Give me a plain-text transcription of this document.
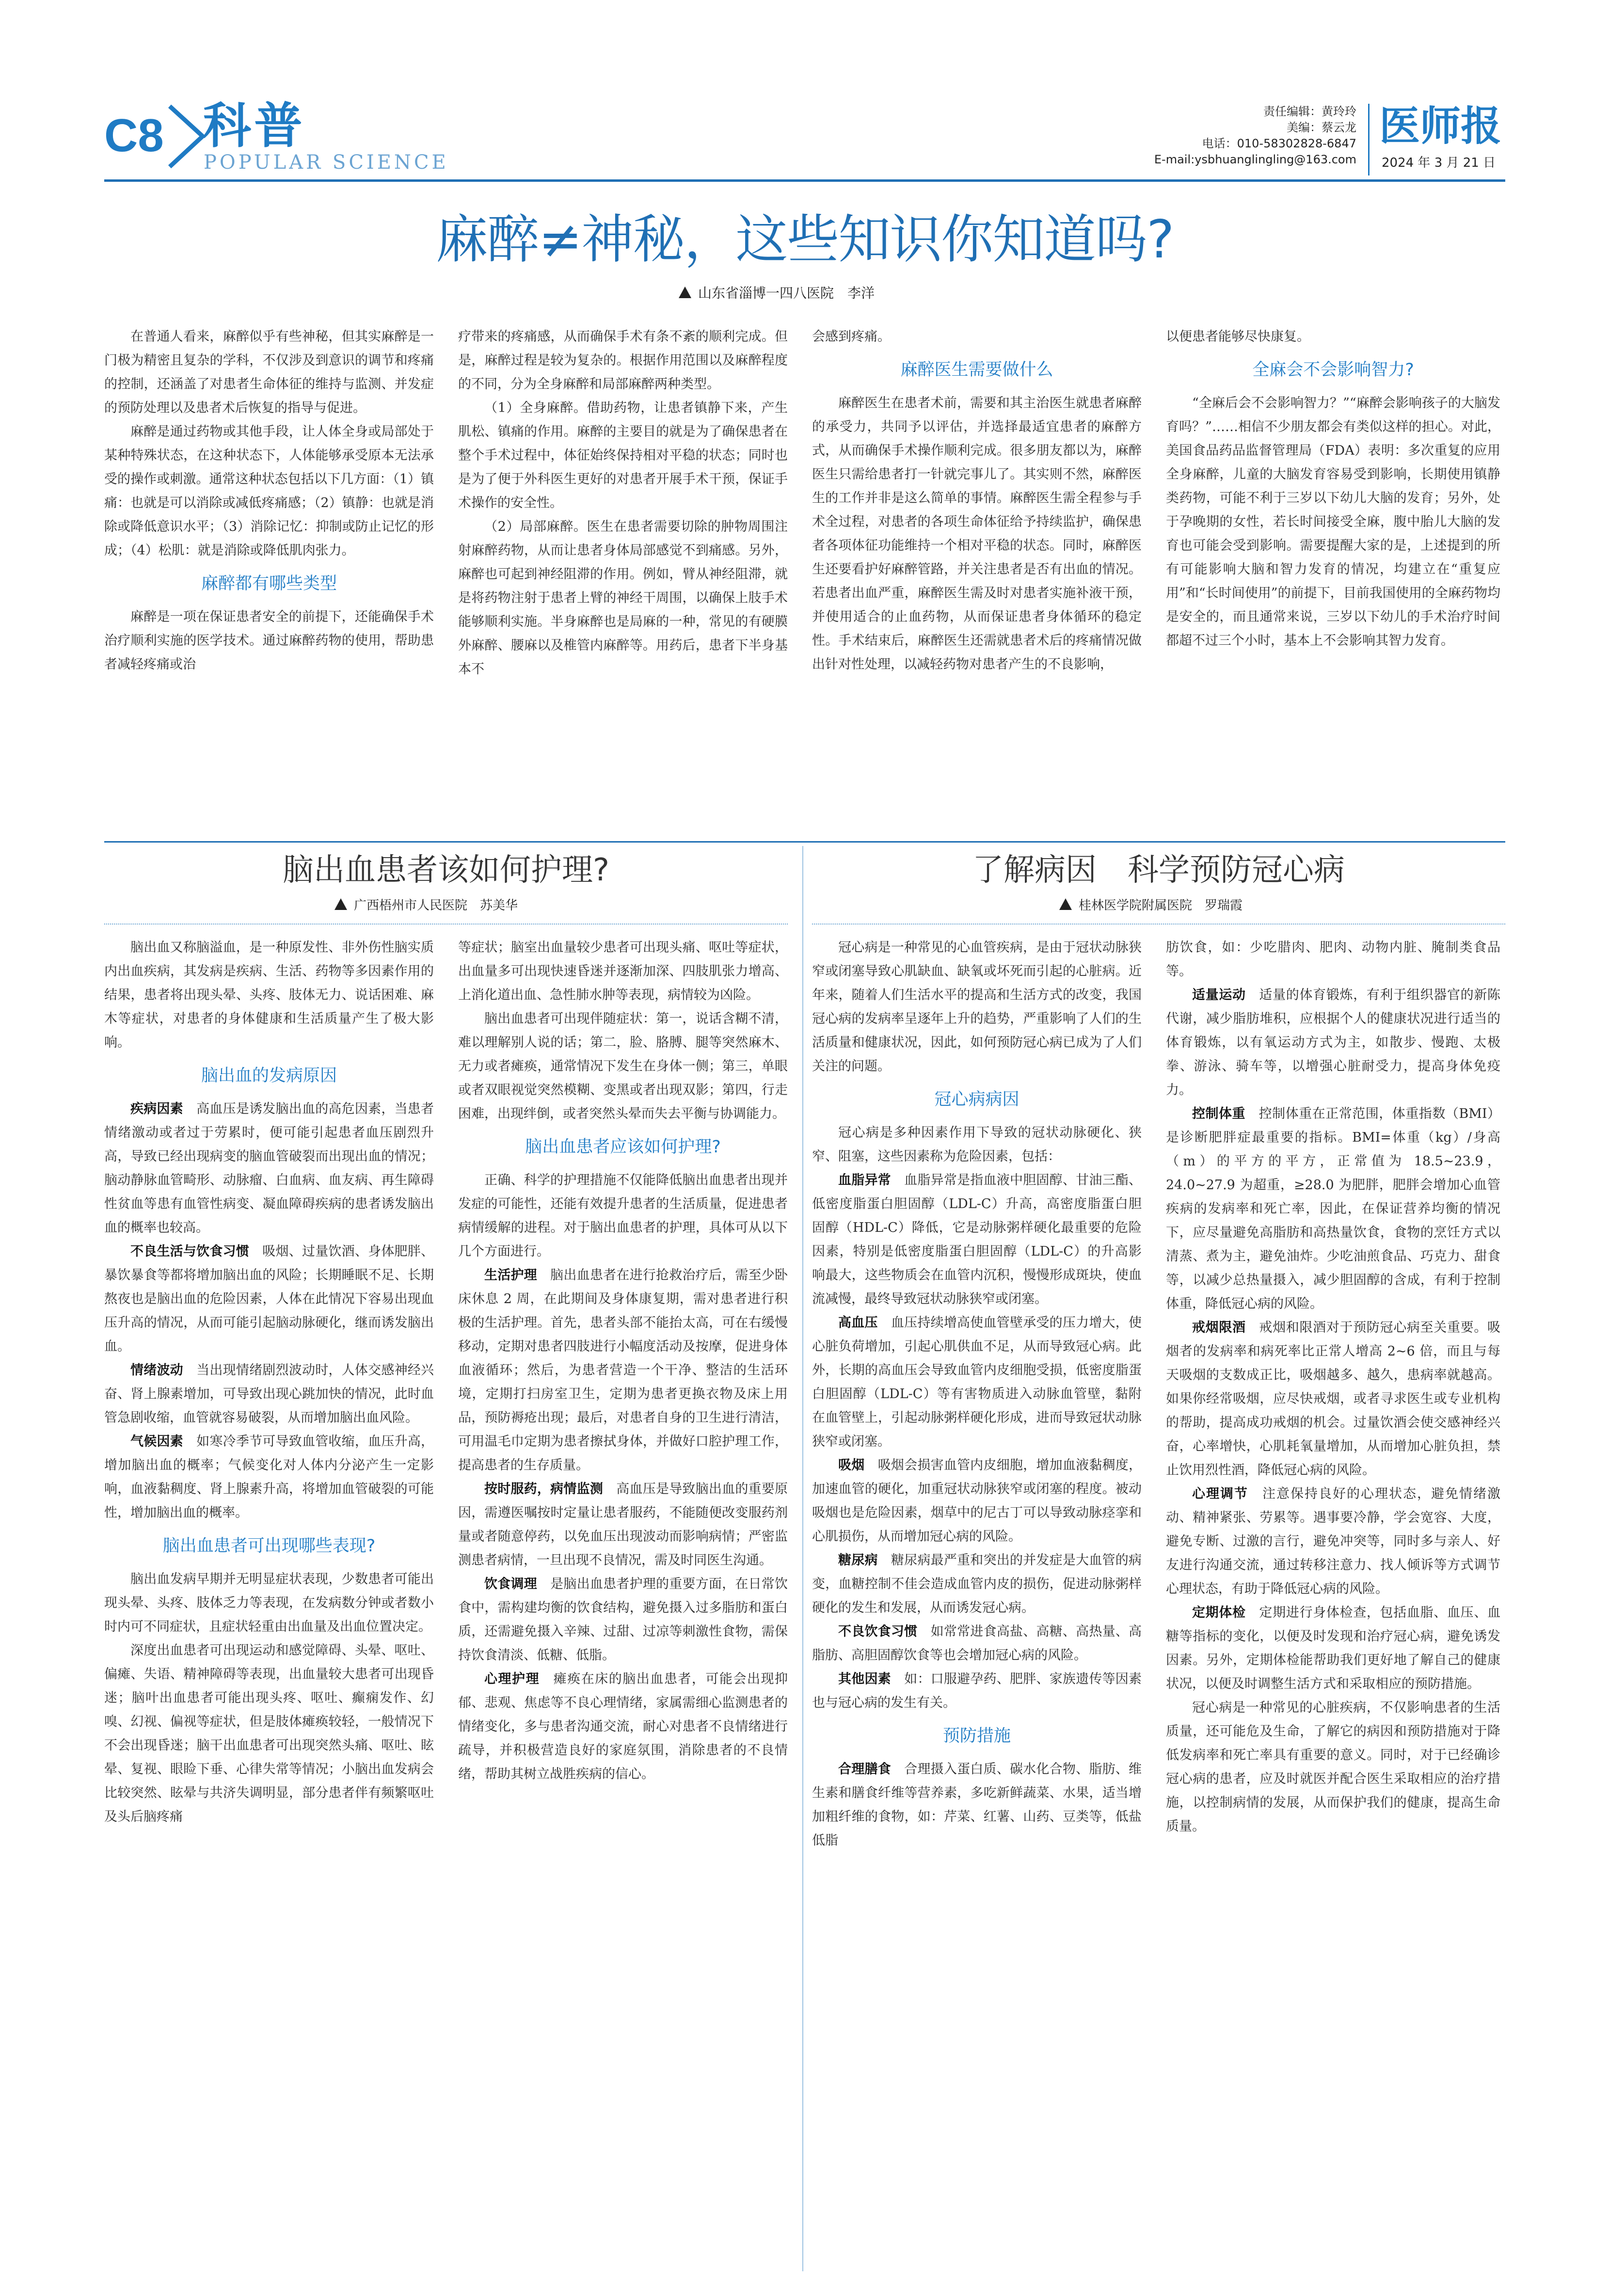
C8 科普
POPULAR SCIENCE
责任编辑：黄玲玲
美编：蔡云龙
电话：010-58302828-6847
E-mail:ysbhuanglingling@163.com
医师报
2024 年 3 月 21 日
麻醉≠神秘，这些知识你知道吗?
山东省淄博一四八医院　李洋

在普通人看来，麻醉似乎有些神秘，但其实麻醉是一门极为精密且复杂的学科，不仅涉及到意识的调节和疼痛的控制，还涵盖了对患者生命体征的维持与监测、并发症的预防处理以及患者术后恢复的指导与促进。

麻醉是通过药物或其他手段，让人体全身或局部处于某种特殊状态，在这种状态下，人体能够承受原本无法承受的操作或刺激。通常这种状态包括以下几方面：（1）镇痛：也就是可以消除或减低疼痛感；（2）镇静：也就是消除或降低意识水平；（3）消除记忆：抑制或防止记忆的形成；（4）松肌：就是消除或降低肌肉张力。

麻醉都有哪些类型

麻醉是一项在保证患者安全的前提下，还能确保手术治疗顺利实施的医学技术。通过麻醉药物的使用，帮助患者减轻疼痛或治

疗带来的疼痛感，从而确保手术有条不紊的顺利完成。但是，麻醉过程是较为复杂的。根据作用范围以及麻醉程度的不同，分为全身麻醉和局部麻醉两种类型。

（1）全身麻醉。借助药物，让患者镇静下来，产生肌松、镇痛的作用。麻醉的主要目的就是为了确保患者在整个手术过程中，体征始终保持相对平稳的状态；同时也是为了便于外科医生更好的对患者开展手术干预，保证手术操作的安全性。

（2）局部麻醉。医生在患者需要切除的肿物周围注射麻醉药物，从而让患者身体局部感觉不到痛感。另外，麻醉也可起到神经阻滞的作用。例如，臂从神经阻滞，就是将药物注射于患者上臂的神经干周围，以确保上肢手术能够顺利实施。半身麻醉也是局麻的一种，常见的有硬膜外麻醉、腰麻以及椎管内麻醉等。用药后，患者下半身基本不

会感到疼痛。

麻醉医生需要做什么

麻醉医生在患者术前，需要和其主治医生就患者麻醉的承受力，共同予以评估，并选择最适宜患者的麻醉方式，从而确保手术操作顺利完成。很多朋友都以为，麻醉医生只需给患者打一针就完事儿了。其实则不然，麻醉医生的工作并非是这么简单的事情。麻醉医生需全程参与手术全过程，对患者的各项生命体征给予持续监护，确保患者各项体征功能维持一个相对平稳的状态。同时，麻醉医生还要看护好麻醉管路，并关注患者是否有出血的情况。若患者出血严重，麻醉医生需及时对患者实施补液干预，并使用适合的止血药物，从而保证患者身体循环的稳定性。手术结束后，麻醉医生还需就患者术后的疼痛情况做出针对性处理，以减轻药物对患者产生的不良影响，

以便患者能够尽快康复。

全麻会不会影响智力?

“全麻后会不会影响智力？”“麻醉会影响孩子的大脑发育吗？”……相信不少朋友都会有类似这样的担心。对此，美国食品药品监督管理局（FDA）表明：多次重复的应用全身麻醉，儿童的大脑发育容易受到影响，长期使用镇静类药物，可能不利于三岁以下幼儿大脑的发育；另外，处于孕晚期的女性，若长时间接受全麻，腹中胎儿大脑的发育也可能会受到影响。需要提醒大家的是，上述提到的所有可能影响大脑和智力发育的情况，均建立在“重复应用”和“长时间使用”的前提下，目前我国使用的全麻药物均是安全的，而且通常来说，三岁以下幼儿的手术治疗时间都超不过三个小时，基本上不会影响其智力发育。

脑出血患者该如何护理?
广西梧州市人民医院　苏美华

脑出血又称脑溢血，是一种原发性、非外伤性脑实质内出血疾病，其发病是疾病、生活、药物等多因素作用的结果，患者将出现头晕、头疼、肢体无力、说话困难、麻木等症状，对患者的身体健康和生活质量产生了极大影响。

脑出血的发病原因

疾病因素　 高血压是诱发脑出血的高危因素，当患者情绪激动或者过于劳累时，便可能引起患者血压剧烈升高，导致已经出现病变的脑血管破裂而出现出血的情况；脑动静脉血管畸形、动脉瘤、白血病、血友病、再生障碍性贫血等患有血管性病变、凝血障碍疾病的患者诱发脑出血的概率也较高。

不良生活与饮食习惯　 吸烟、过量饮酒、身体肥胖、暴饮暴食等都将增加脑出血的风险；长期睡眠不足、长期熬夜也是脑出血的危险因素，人体在此情况下容易出现血压升高的情况，从而可能引起脑动脉硬化，继而诱发脑出血。

情绪波动　 当出现情绪剧烈波动时，人体交感神经兴奋、肾上腺素增加，可导致出现心跳加快的情况，此时血管急剧收缩，血管就容易破裂，从而增加脑出血风险。

气候因素　 如寒冷季节可导致血管收缩，血压升高，增加脑出血的概率；气候变化对人体内分泌产生一定影响，血液黏稠度、肾上腺素升高，将增加血管破裂的可能性，增加脑出血的概率。

脑出血患者可出现哪些表现?

脑出血发病早期并无明显症状表现，少数患者可能出现头晕、头疼、肢体乏力等表现，在发病数分钟或者数小时内可不同症状，且症状轻重由出血量及出血位置决定。

深度出血患者可出现运动和感觉障碍、头晕、呕吐、偏瘫、失语、精神障碍等表现，出血量较大患者可出现昏迷；脑叶出血患者可能出现头疼、呕吐、癫痫发作、幻嗅、幻视、偏视等症状，但是肢体瘫痪较轻，一般情况下不会出现昏迷；脑干出血患者可出现突然头痛、呕吐、眩晕、复视、眼睑下垂、心律失常等情况；小脑出血发病会比较突然、眩晕与共济失调明显，部分患者伴有频繁呕吐及头后脑疼痛

等症状；脑室出血量较少患者可出现头痛、呕吐等症状，出血量多可出现快速昏迷并逐渐加深、四肢肌张力增高、上消化道出血、急性肺水肿等表现，病情较为凶险。

脑出血患者可出现伴随症状：第一，说话含糊不清，难以理解别人说的话；第二，脸、胳膊、腿等突然麻木、无力或者瘫痪，通常情况下发生在身体一侧；第三，单眼或者双眼视觉突然模糊、变黑或者出现双影；第四，行走困难，出现绊倒，或者突然头晕而失去平衡与协调能力。

脑出血患者应该如何护理?

正确、科学的护理措施不仅能降低脑出血患者出现并发症的可能性，还能有效提升患者的生活质量，促进患者病情缓解的进程。对于脑出血患者的护理，具体可从以下几个方面进行。

生活护理　 脑出血患者在进行抢救治疗后，需至少卧床休息 2 周，在此期间及身体康复期，需对患者进行积极的生活护理。首先，患者头部不能抬太高，可在右缓慢移动，定期对患者四肢进行小幅度活动及按摩，促进身体血液循环；然后，为患者营造一个干净、整洁的生活环境，定期打扫房室卫生，定期为患者更换衣物及床上用品，预防褥疮出现；最后，对患者自身的卫生进行清洁，可用温毛巾定期为患者擦拭身体，并做好口腔护理工作，提高患者的生存质量。

按时服药，病情监测　 高血压是导致脑出血的重要原因，需遵医嘱按时定量让患者服药，不能随便改变服药剂量或者随意停药，以免血压出现波动而影响病情；严密监测患者病情，一旦出现不良情况，需及时同医生沟通。

饮食调理　 是脑出血患者护理的重要方面，在日常饮食中，需构建均衡的饮食结构，避免摄入过多脂肪和蛋白质，还需避免摄入辛辣、过甜、过凉等刺激性食物，需保持饮食清淡、低糖、低脂。

心理护理　 瘫痪在床的脑出血患者，可能会出现抑郁、悲观、焦虑等不良心理情绪，家属需细心监测患者的情绪变化，多与患者沟通交流，耐心对患者不良情绪进行疏导，并积极营造良好的家庭氛围，消除患者的不良情绪，帮助其树立战胜疾病的信心。

了解病因　科学预防冠心病
桂林医学院附属医院　罗瑞霞

冠心病是一种常见的心血管疾病，是由于冠状动脉狭窄或闭塞导致心肌缺血、缺氧或坏死而引起的心脏病。近年来，随着人们生活水平的提高和生活方式的改变，我国冠心病的发病率呈逐年上升的趋势，严重影响了人们的生活质量和健康状况，因此，如何预防冠心病已成为了人们关注的问题。

冠心病病因

冠心病是多种因素作用下导致的冠状动脉硬化、狭窄、阻塞，这些因素称为危险因素，包括：

血脂异常　 血脂异常是指血液中胆固醇、甘油三酯、低密度脂蛋白胆固醇（LDL-C）升高，高密度脂蛋白胆固醇（HDL-C）降低，它是动脉粥样硬化最重要的危险因素，特别是低密度脂蛋白胆固醇（LDL-C）的升高影响最大，这些物质会在血管内沉积，慢慢形成斑块，使血流减慢，最终导致冠状动脉狭窄或闭塞。

高血压　 血压持续增高使血管壁承受的压力增大，使心脏负荷增加，引起心肌供血不足，从而导致冠心病。此外，长期的高血压会导致血管内皮细胞受损，低密度脂蛋白胆固醇（LDL-C）等有害物质进入动脉血管壁，黏附在血管壁上，引起动脉粥样硬化形成，进而导致冠状动脉狭窄或闭塞。

吸烟　 吸烟会损害血管内皮细胞，增加血液黏稠度，加速血管的硬化，加重冠状动脉狭窄或闭塞的程度。被动吸烟也是危险因素，烟草中的尼古丁可以导致动脉痉挛和心肌损伤，从而增加冠心病的风险。

糖尿病　 糖尿病最严重和突出的并发症是大血管的病变，血糖控制不佳会造成血管内皮的损伤，促进动脉粥样硬化的发生和发展，从而诱发冠心病。

不良饮食习惯　 如常常进食高盐、高糖、高热量、高脂肪、高胆固醇饮食等也会增加冠心病的风险。

其他因素　 如：口服避孕药、肥胖、家族遗传等因素也与冠心病的发生有关。

预防措施

合理膳食　 合理摄入蛋白质、碳水化合物、脂肪、维生素和膳食纤维等营养素，多吃新鲜蔬菜、水果，适当增加粗纤维的食物，如：芹菜、红薯、山药、豆类等，低盐低脂

肪饮食，如：少吃腊肉、肥肉、动物内脏、腌制类食品等。

适量运动　 适量的体育锻炼，有利于组织器官的新陈代谢，减少脂肪堆积，应根据个人的健康状况进行适当的体育锻炼，以有氧运动方式为主，如散步、慢跑、太极拳、游泳、骑车等，以增强心脏耐受力，提高身体免疫力。

控制体重　 控制体重在正常范围，体重指数（BMI）是诊断肥胖症最重要的指标。BMI=体重（kg）/身高（m）的平方的平方，正常值为 18.5~23.9，24.0~27.9 为超重，≥28.0 为肥胖，肥胖会增加心血管疾病的发病率和死亡率，因此，在保证营养均衡的情况下，应尽量避免高脂肪和高热量饮食，食物的烹饪方式以清蒸、煮为主，避免油炸。少吃油煎食品、巧克力、甜食等，以减少总热量摄入，减少胆固醇的含成，有利于控制体重，降低冠心病的风险。

戒烟限酒　 戒烟和限酒对于预防冠心病至关重要。吸烟者的发病率和病死率比正常人增高 2~6 倍，而且与每天吸烟的支数成正比，吸烟越多、越久，患病率就越高。如果你经常吸烟，应尽快戒烟，或者寻求医生或专业机构的帮助，提高成功戒烟的机会。过量饮酒会使交感神经兴奋，心率增快，心肌耗氧量增加，从而增加心脏负担，禁止饮用烈性酒，降低冠心病的风险。

心理调节　 注意保持良好的心理状态，避免情绪激动、精神紧张、劳累等。遇事要冷静，学会宽容、大度，避免专断、过激的言行，避免冲突等，同时多与亲人、好友进行沟通交流，通过转移注意力、找人倾诉等方式调节心理状态，有助于降低冠心病的风险。

定期体检　 定期进行身体检查，包括血脂、血压、血糖等指标的变化，以便及时发现和治疗冠心病，避免诱发因素。另外，定期体检能帮助我们更好地了解自己的健康状况，以便及时调整生活方式和采取相应的预防措施。

冠心病是一种常见的心脏疾病，不仅影响患者的生活质量，还可能危及生命，了解它的病因和预防措施对于降低发病率和死亡率具有重要的意义。同时，对于已经确诊冠心病的患者，应及时就医并配合医生采取相应的治疗措施，以控制病情的发展，从而保护我们的健康，提高生命质量。
